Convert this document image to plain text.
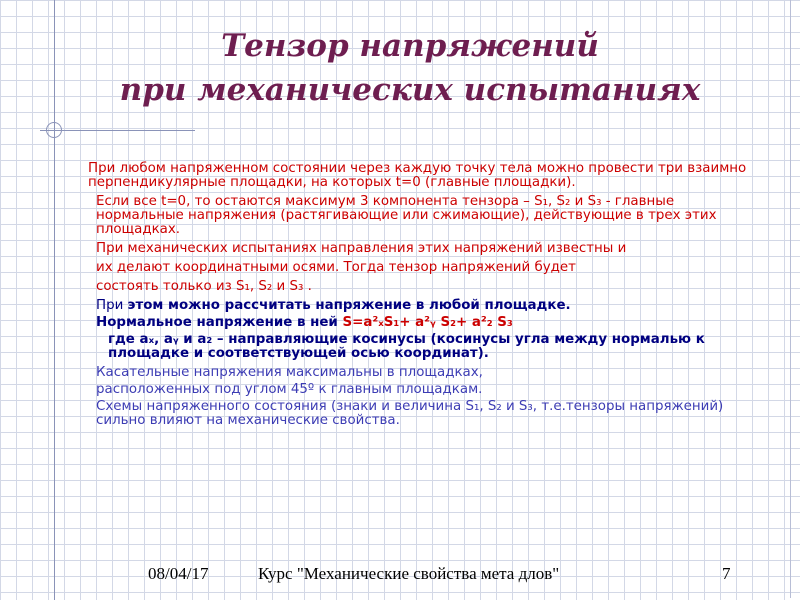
Тензор напряжений
при механических испытаниях

При любом напряженном состоянии через каждую точку тела можно провести три взаимно перпендикулярные площадки, на которых t=0 (главные площадки).

Если все t=0, то остаются максимум 3 компонента тензора – S₁, S₂ и S₃ - главные нормальные напряжения (растягивающие или сжимающие), действующие в трех этих площадках.

При механических испытаниях направления этих напряжений известны и

их делают координатными осями. Тогда тензор напряжений будет

состоять только из S₁, S₂ и S₃ .

При этом можно рассчитать напряжение в любой площадке.

Нормальное напряжение в ней S=a²ₓS₁+ a²ᵧ S₂+ a²₂ S₃

где aₓ, aᵧ и a₂ – направляющие косинусы (косинусы угла между нормалью к площадке и соответствующей осью координат).

Касательные напряжения максимальны в площадках,

расположенных под углом 45º к главным площадкам.

Схемы напряженного состояния (знаки и величина S₁, S₂ и S₃, т.е.тензоры напряжений) сильно влияют на механические свойства.

08/04/17	Курс "Механические свойства мета длов"	7
